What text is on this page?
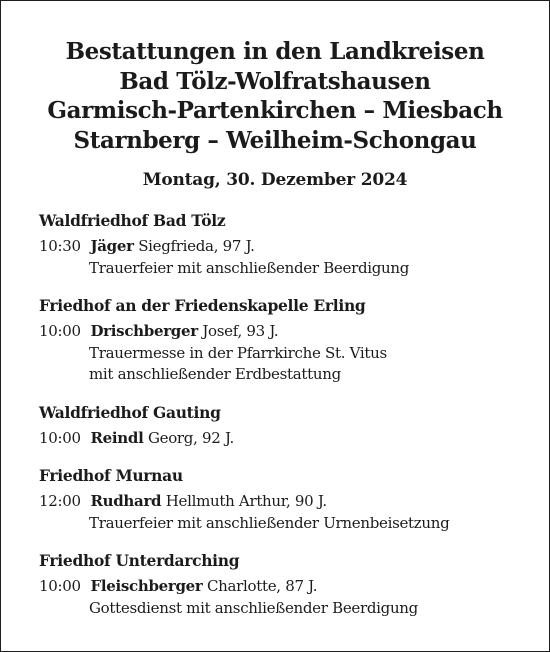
Bestattungen in den Landkreisen
Bad Tölz-Wolfratshausen
Garmisch-Partenkirchen – Miesbach
Starnberg – Weilheim-Schongau
Montag, 30. Dezember 2024
Waldfriedhof Bad Tölz
10:30 Jäger Siegfrieda, 97 J.
Trauerfeier mit anschließender Beerdigung
Friedhof an der Friedenskapelle Erling
10:00 Drischberger Josef, 93 J.
Trauermesse in der Pfarrkirche St. Vitus
mit anschließender Erdbestattung
Waldfriedhof Gauting
10:00 Reindl Georg, 92 J.
Friedhof Murnau
12:00 Rudhard Hellmuth Arthur, 90 J.
Trauerfeier mit anschließender Urnenbeisetzung
Friedhof Unterdarching
10:00 Fleischberger Charlotte, 87 J.
Gottesdienst mit anschließender Beerdigung
